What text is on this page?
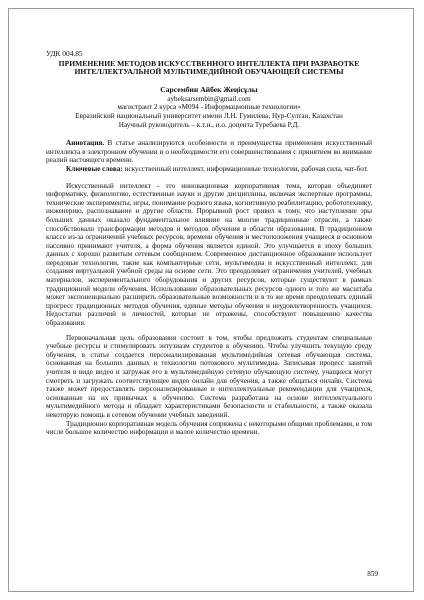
УДК 004.85
ПРИМЕНЕНИЕ МЕТОДОВ ИСКУССТВЕННОГО ИНТЕЛЛЕКТА ПРИ РАЗРАБОТКЕ ИНТЕЛЛЕКТУАЛЬНОЙ МУЛЬТИМЕДИЙНОЙ ОБУЧАЮЩЕЙ СИСТЕМЫ
Сарсембин Айбек Жеңісұлы
aybeksarsembin@gmail.com
магистрант 2 курса «M094 - Информационные технологии»
Евразийский национальный университет имени Л.Н. Гумилева, Нур-Султан, Казахстан
Научный руководитель – к.т.н., и.о. доцента Туребаева Р.Д.

Аннотация. В статье анализируются особенности и преимущества применения искусственный интеллекта в электронном обучении и о необходимости его совершенствования с принятием во внимание реалий настоящего времени.

Ключевые слова: искусственный интеллект, информационные технологии, рабочая сила, чат-бот.

Искусственный интеллект - это инновационная корпоративная тема, которая объединяет информатику, физиологию, естественные науки и другие дисциплины, включая экспертные программы, технические эксперименты, игры, понимание родного языка, когнитивную реабилитацию, робототехнику, инженерию, распознавание и другие области. Прорывной рост привел к тому, что наступление эры больших данных оказало фундаментальное влияние на многие традиционные отрасли, а также способствовало трансформации методов и методов обучения в области образования. В традиционном классе из-за ограничений учебных ресурсов, времени обучения и местоположения учащиеся в основном пассивно принимают учителя, а форма обучения является единой. Это улучшается в эпоху больших данных с хорошо развитым сетевым сообщением. Современное дистанционное образование использует передовые технологии, такие как компьютерные сети, мультимедиа и искусственный интеллект, для создания виртуальной учебной среды на основе сети. Это преодолевает ограничения учителей, учебных материалов, экспериментального оборудования и других ресурсов, которые существуют в рамках традиционной модели обучения. Использование образовательных ресурсов одного и того же масштаба может экспоненциально расширить образовательные возможности и в то же время преодолевать единый прогресс традиционных методов обучения, единые методы обучения и неудовлетворенность учащихся. Недостатки различий и личностей, которые не отражены, способствуют повышению качества образования.

Первоначальная цель образования состоит в том, чтобы предложить студентам специальные учебные ресурсы и стимулировать энтузиазм студентов к обучению. Чтобы улучшить текущую среду обучения, в статье создается персонализированная мультимедийная сетевая обучающая система, основанная на больших данных и технологии потокового мультимедиа. Записывая процесс занятий учителя в виде видео и загружая его в мультимедийную сетевую обучающую систему, учащиеся могут смотреть и загружать соответствующее видео онлайн для обучения, а также общаться онлайн. Система также может предоставлять персонализированные и интеллектуальные рекомендации для учащихся, основанные на их привычках к обучению. Система разработана на основе интеллектуального мультимедийного метода и обладает характеристиками безопасности и стабильности, а также оказала некоторую помощь в сетевом обучении учебных заведений.

Традиционно корпоративная модель обучения сопряжена с некоторыми общими проблемами, в том числе большое количество информации и малое количество времени.

859
